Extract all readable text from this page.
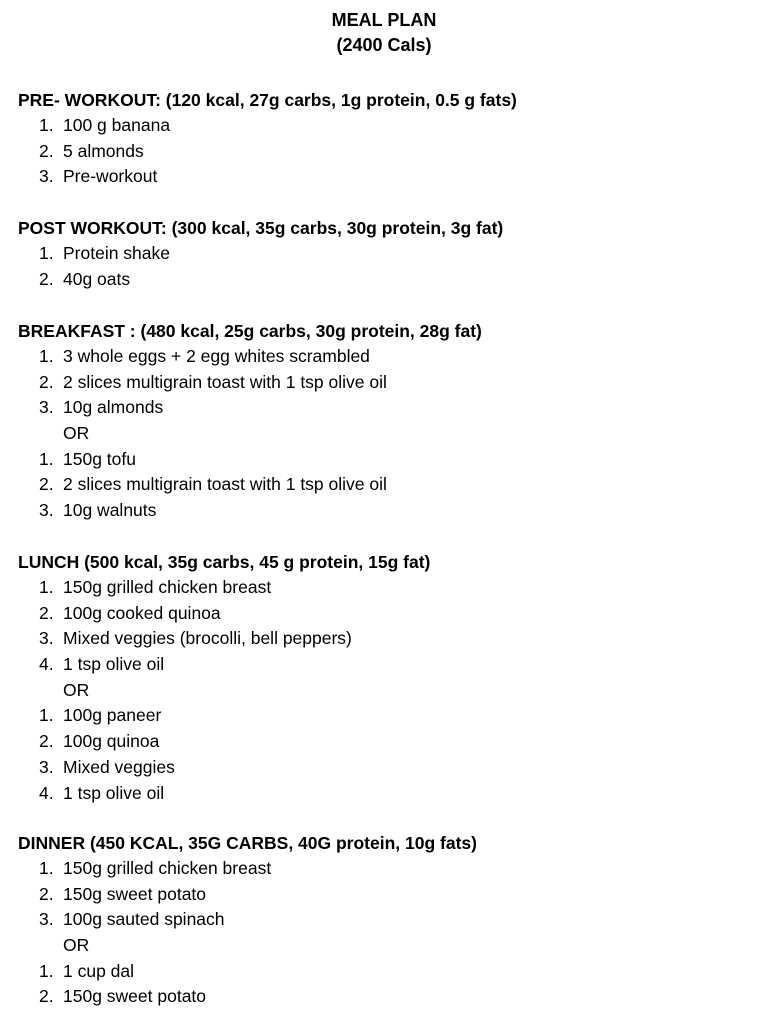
MEAL PLAN

(2400 Cals)

PRE- WORKOUT: (120 kcal, 27g carbs, 1g protein, 0.5 g fats)
1. 100 g banana
2. 5 almonds
3. Pre-workout
POST WORKOUT: (300 kcal, 35g carbs, 30g protein, 3g fat)
1. Protein shake
2. 40g oats
BREAKFAST : (480 kcal, 25g carbs, 30g protein, 28g fat)
1. 3 whole eggs + 2 egg whites scrambled
2. 2 slices multigrain toast with 1 tsp olive oil
3. 10g almonds
OR
1. 150g tofu
2. 2 slices multigrain toast with 1 tsp olive oil
3. 10g walnuts
LUNCH (500 kcal, 35g carbs, 45 g protein, 15g fat)
1. 150g grilled chicken breast
2. 100g cooked quinoa
3. Mixed veggies (brocolli, bell peppers)
4. 1 tsp olive oil
OR
1. 100g paneer
2. 100g quinoa
3. Mixed veggies
4. 1 tsp olive oil
DINNER (450 KCAL, 35G CARBS, 40G protein, 10g fats)
1. 150g grilled chicken breast
2. 150g sweet potato
3. 100g sauted spinach
OR
1. 1 cup dal
2. 150g sweet potato
